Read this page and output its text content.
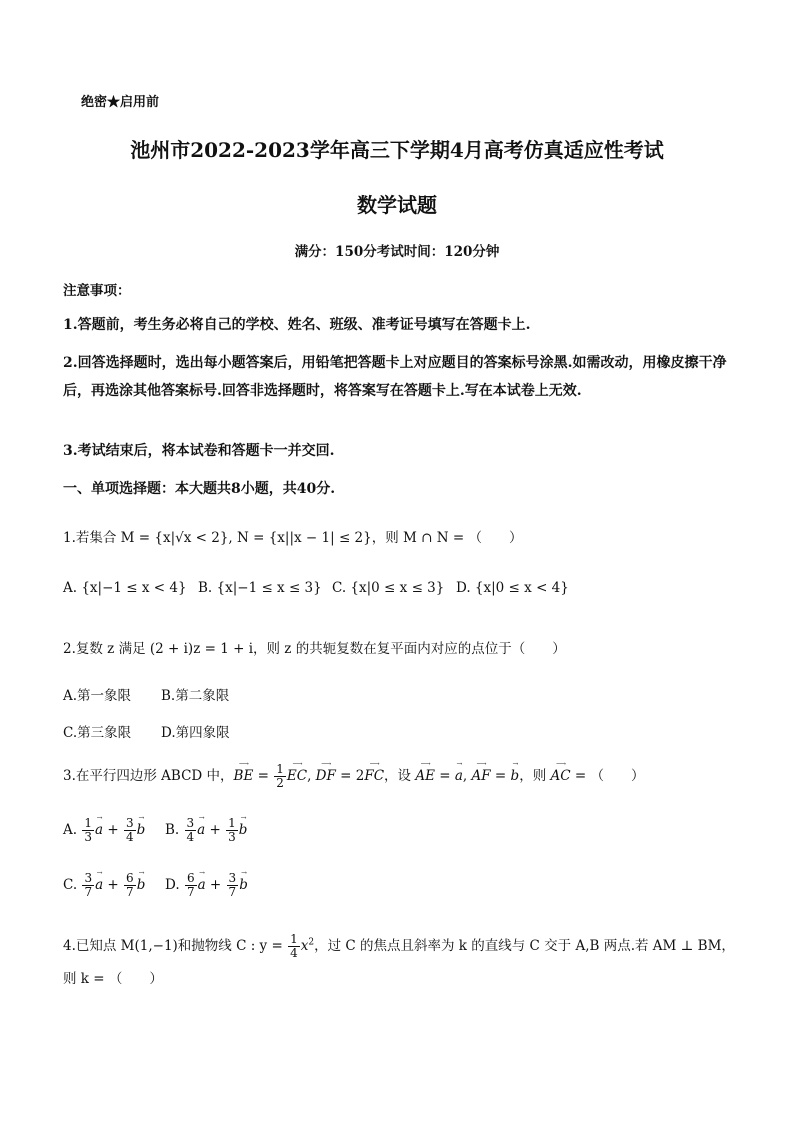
绝密★启用前
池州市2022-2023学年高三下学期4月高考仿真适应性考试
数学试题
满分：150分考试时间：120分钟
注意事项：
1.答题前，考生务必将自己的学校、姓名、班级、准考证号填写在答题卡上.
2.回答选择题时，选出每小题答案后，用铅笔把答题卡上对应题目的答案标号涂黑.如需改动，用橡皮擦干净后，再选涂其他答案标号.回答非选择题时，将答案写在答题卡上.写在本试卷上无效.
3.考试结束后，将本试卷和答题卡一并交回.
一、单项选择题：本大题共8小题，共40分.
1.若集合 M = {x|√x < 2}, N = {x||x − 1| ≤ 2}，则 M ∩ N = （　　）
A. {x|−1 ≤ x < 4} B. {x|−1 ≤ x ≤ 3} C. {x|0 ≤ x ≤ 3} D. {x|0 ≤ x < 4}
2.复数 z 满足 (2 + i)z = 1 + i，则 z 的共轭复数在复平面内对应的点位于（　　）
A.第一象限 B.第二象限
C.第三象限 D.第四象限
3.在平行四边形 ABCD 中，
⟶
BE = $\frac{1}{2}$ ⟶
EC,
⟶
DF = 2
⟶
FC，设
⟶
AE =
→
a,
⟶
AF =
→
b，则
⟶
AC = （　　）
A. $\frac{1}{3}$ →
$a + \frac{3}{4}$ →
b B. $\frac{3}{4}$ →
$a + \frac{1}{3}$ →
b
C. $\frac{3}{7}$ →
$a + \frac{6}{7}$ →
b D. $\frac{6}{7}$ →
$a + \frac{3}{7}$ →
b
4.已知点 M(1,−1)和抛物线 C : $y = \frac{1}{4} x^2$，过 C 的焦点且斜率为 k 的直线与 C 交于 A,B 两点.若 AM ⊥ BM，
则 k = （　　）
